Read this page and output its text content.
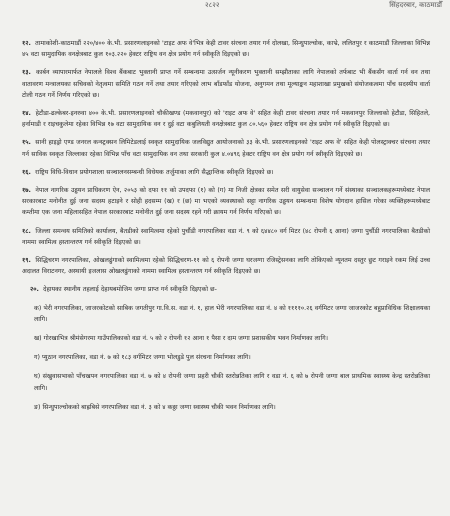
२८२२	सिंहदरबार, काठमाडौँ

१२. तामाकोशी-काठमाडौं २२०/४०० के.भी. प्रसारणलाइनको 'टाइट अफ वे'भित्र केही टावर संरचना तयार गर्न दोलखा, सिन्धुपाल्चोक, काभ्रे, ललितपुर र काठमाडौं जिल्लाका विभिन्न ४५ वटा सामुदायिक वनक्षेत्रबाट कुल १०३.२२० हेक्टर राष्ट्रिय वन क्षेत्र प्रयोग गर्न स्वीकृति दिइएको छ।

१३. कार्बन व्यापारमार्फत नेपालले विश्व बैंकबाट भुक्तानी प्राप्त गर्ने सम्बन्धमा उत्सर्जन न्यूनीकरण भुक्तानी सम्झौताका लागि नेपालको तर्फबाट भी बैंकसँग वार्ता गर्न वन तथा वातावरण मन्त्रालयका सचिवको नेतृत्वमा समिति गठन गर्ने तथा तयार गरिएको लाभ बाँडफाँड योजना, अनुगमन तथा मूल्याङ्कन महाशाखा प्रमुखको संयोजकत्वमा पाँच सदस्यीय वार्ता टोली गठन गर्ने निर्णय गरिएको छ।

१४. हेटौडा-ढल्केबर-इनरुवा ४०० के.भी. प्रसारणलाइनको चौकीखण्ड (मकवानपुर) को 'राइट अफ वे' सहित केही टावर संरचना तयार गर्न मकवानपुर जिल्लाको हेटौडा, सिहितले, हर्नामाडी र राइचकुलेमा रहेका विभिन्न १७ वटा सामुदायिक वन र दुई वटा कबुलियती वनक्षेत्रबाट कुल ८०.५६० हेक्टर राष्ट्रिय वन क्षेत्र प्रयोग गर्न स्वीकृति दिइएको छ।

१५. सानी हाइड्रो एण्ड जनरल कन्स्ट्रक्सन लिमिटेडलाई स्वकृत सामुदायिक जलविद्युत आयोजनाको ३३ के.भी. प्रसारणलाइनको 'राइट अफ वे' सहित केही पोलस्ट्राक्चर संरचना तयार गर्न साविक स्वकृत जिल्लाका रहेका विभिन्न पाँच वटा सामुदायिक वन तथा सरकारी कुल ४.०४९६ हेक्टर राष्ट्रिय वन क्षेत्र प्रयोग गर्न स्वीकृति दिइएको छ।

१६. राष्ट्रिय विधि-विधान प्रयोगशाला सञ्चालनसम्बन्धी विधेयक तर्जुमाका लागि सैद्धान्तिक स्वीकृति दिइएको छ।

१७. नेपाल नागरिक उड्डयन प्राधिकरण ऐन, २०५३ को दफा ११ को उपदफा (१) को (ग) मा निजी क्षेत्रका समेत सरी वायुसेवा सञ्चालन गर्ने संस्थाका सञ्चालकहरूमध्येबाट नेपाल सरकारबाट मनोनीत दुई जना सदस्य हटाइने र सोही हदसम्म (ख) र (छ) मा भएको व्यवस्थाको सट्टा नागरिक उड्डयन सम्बन्धमा विशेष योगदान हासिल गरेका व्यक्तिहरूमध्येबाट कम्तीमा एक जना महिलासहित नेपाल सरकारबाट मनोनीत दुई जना सदस्य रहने गरी क्रायम गर्न निर्णय गरिएको छ।

१८. जिल्ला समन्वय समितिको कार्यालय, बैतडीको स्वामित्वमा रहेको पुर्चौडी नगरपालिका वडा नं. ९ को ६४४८० वर्ग मिटर (४८ रोपनी ६ आना) जग्गा पुर्चौडी नगरपालिका बैतडीको नाममा स्वामित्व हस्तान्तरण गर्न स्वीकृति दिइएको छ।

१९. सिद्धिचरण नगरपालिका, ओखलढुंगाको स्वामित्वमा रहेको सिद्धिचरण-११ को ६ रोपनी जग्गा घरजग्गा रजिस्ट्रेसनका लागि तोकिएको न्यूनतम दस्तुर छुट गराइने रकम लिई उच्च अदालत विराटनगर, अस्थायी इजलास ओखलढुंगाको नाममा स्वामित्व हस्तान्तरण गर्न स्वीकृति दिइएको छ।

२०. देहायका स्थानीय तहलाई देहायबमोजिम जग्गा प्राप्त गर्न स्वीकृति दिइएको छ-

क) भेरी नगरपालिका, जाजरकोटको साबिक जगतीपुर गा.वि.स. वडा नं. १, हाल भेरी नगरपालिका वडा नं. ४ को ११११०.२६ वर्गमिटर जग्गा जाजरकोट बहुप्राविधिक शिक्षालयका लागि।

ख) गोरखाभित्र श्रीमंसेगरमा गाउँपालिकाको वडा नं. ५ को २ रोपनी १२ आना १ पैसा र दाम जग्गा प्रशासकीय भवन निर्माणका लागि।

ग) प्युठान नगरपालिका, वडा नं. ७ को १८३ वर्गमिटर जग्गा भोलडुडे पुल संरचना निर्माणका लागि।

घ) संखुवासभाको पाँचखपन नगरपालिका वडा नं. ७ को ४ रोपनी जग्गा प्रहरी चौकी स्तरोन्नतिका लागि र वडा नं. ६ को ७ रोपनी जग्गा बाल प्राथमिक स्वास्थ्य केन्द्र स्तरोन्नतिका लागि।

ङ) सिन्धुपाल्चोकको बाह्रबिसे नगरपालिका वडा नं. ३ को ४ कठ्ठा जग्गा स्वास्थ्य चौकी भवन निर्माणका लागि।
